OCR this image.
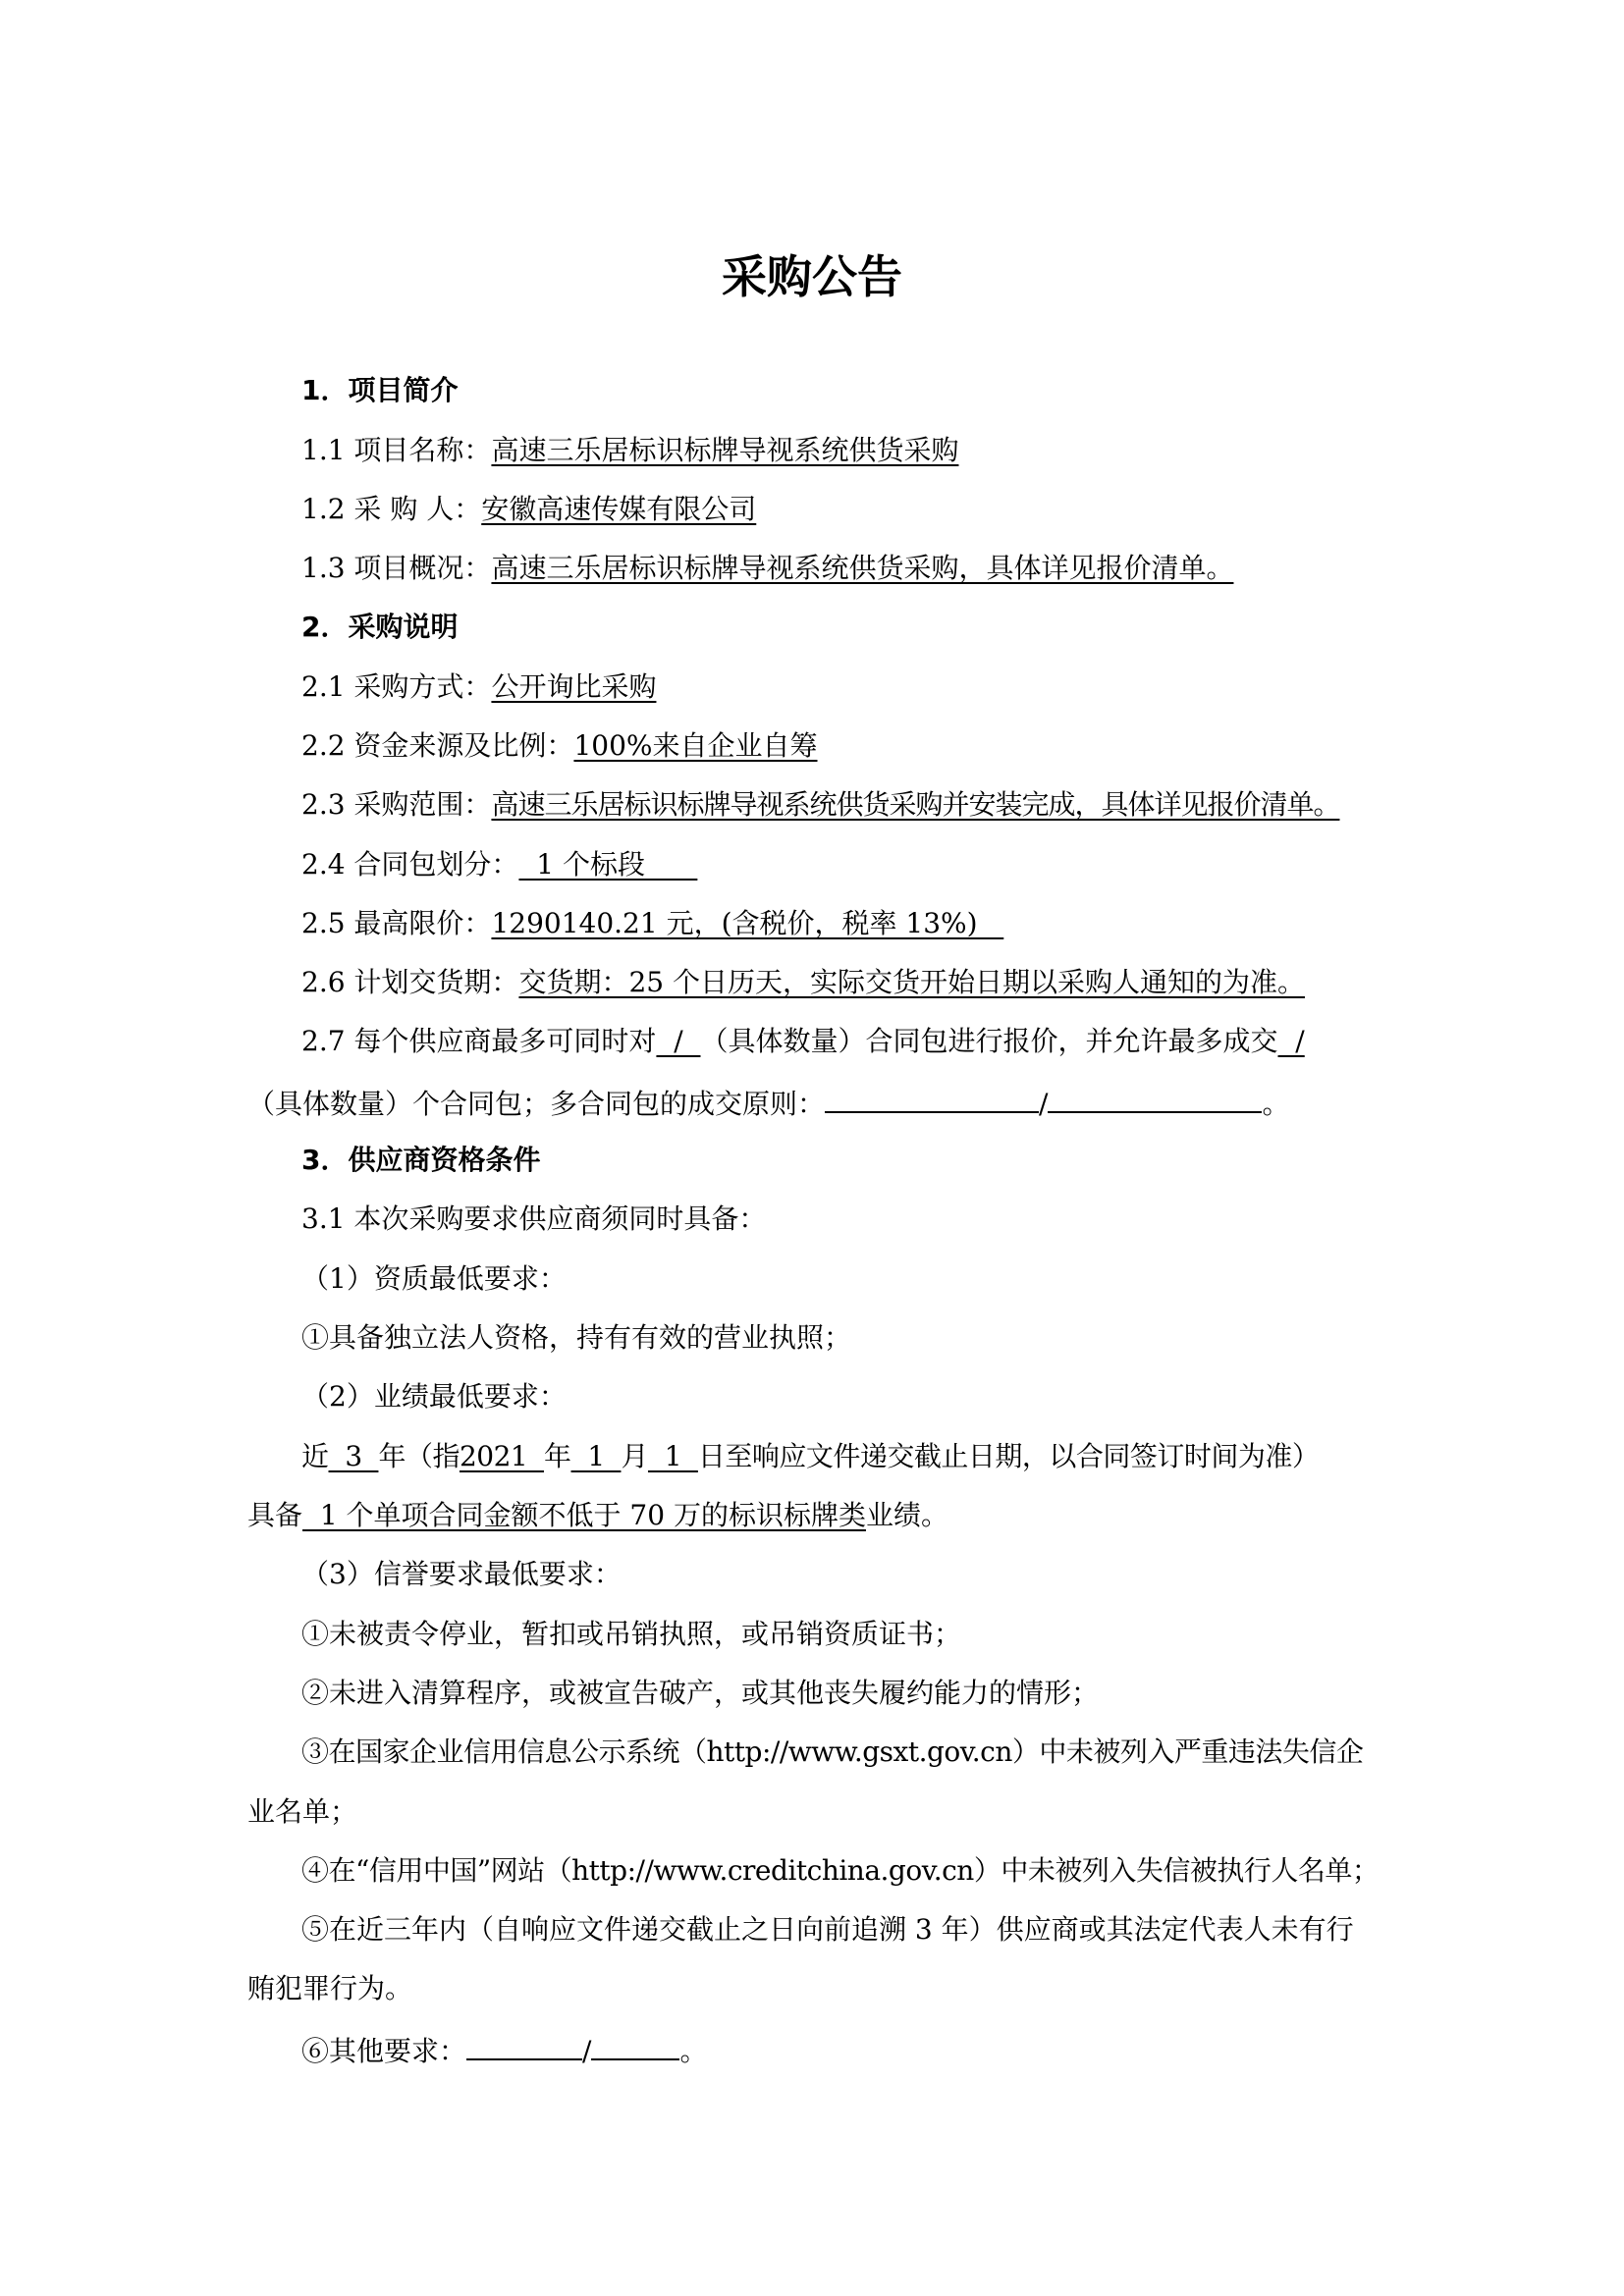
采购公告
1．项目简介
1.1 项目名称：高速三乐居标识标牌导视系统供货采购
1.2 采 购 人：安徽高速传媒有限公司
1.3 项目概况：高速三乐居标识标牌导视系统供货采购，具体详见报价清单。
2．采购说明
2.1 采购方式：公开询比采购
2.2 资金来源及比例：100%来自企业自筹
2.3 采购范围：高速三乐居标识标牌导视系统供货采购并安装完成，具体详见报价清单。
2.4 合同包划分：  1 个标段
2.5 最高限价：1290140.21 元，(含税价，税率 13%)
2.6 计划交货期：交货期：25 个日历天，实际交货开始日期以采购人通知的为准。
2.7 每个供应商最多可同时对  /  （具体数量）合同包进行报价，并允许最多成交  /
（具体数量）个合同包；多合同包的成交原则：	/	。
3．供应商资格条件
3.1 本次采购要求供应商须同时具备：
（1）资质最低要求：
①具备独立法人资格，持有有效的营业执照；
（2）业绩最低要求：
近  3  年（指2021  年  1  月  1  日至响应文件递交截止日期，以合同签订时间为准）
具备  1 个单项合同金额不低于 70 万的标识标牌类业绩。
（3）信誉要求最低要求：
①未被责令停业，暂扣或吊销执照，或吊销资质证书；
②未进入清算程序，或被宣告破产，或其他丧失履约能力的情形；
③在国家企业信用信息公示系统（http://www.gsxt.gov.cn）中未被列入严重违法失信企
业名单；
④在“信用中国”网站（http://www.creditchina.gov.cn）中未被列入失信被执行人名单；
⑤在近三年内（自响应文件递交截止之日向前追溯 3 年）供应商或其法定代表人未有行
贿犯罪行为。
⑥其他要求：	/	。
